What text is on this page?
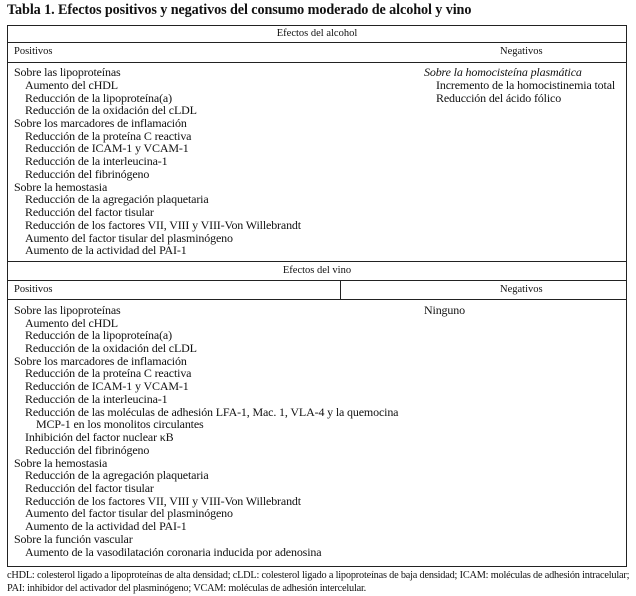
Tabla 1. Efectos positivos y negativos del consumo moderado de alcohol y vino
Efectos del alcohol
Positivos	Negativos
Sobre las lipoproteínas
Aumento del cHDL
Reducción de la lipoproteína(a)
Reducción de la oxidación del cLDL
Sobre los marcadores de inflamación
Reducción de la proteína C reactiva
Reducción de ICAM-1 y VCAM-1
Reducción de la interleucina-1
Reducción del fibrinógeno
Sobre la hemostasia
Reducción de la agregación plaquetaria
Reducción del factor tisular
Reducción de los factores VII, VIII y VIII-Von Willebrandt
Aumento del factor tisular del plasminógeno
Aumento de la actividad del PAI-1
Sobre la homocisteína plasmática
Incremento de la homocistinemia total
Reducción del ácido fólico
Efectos del vino
Positivos	Negativos
Sobre las lipoproteínas
Aumento del cHDL
Reducción de la lipoproteína(a)
Reducción de la oxidación del cLDL
Sobre los marcadores de inflamación
Reducción de la proteína C reactiva
Reducción de ICAM-1 y VCAM-1
Reducción de la interleucina-1
Reducción de las moléculas de adhesión LFA-1, Mac. 1, VLA-4 y la quemocina
MCP-1 en los monolitos circulantes
Inhibición del factor nuclear κB
Reducción del fibrinógeno
Sobre la hemostasia
Reducción de la agregación plaquetaria
Reducción del factor tisular
Reducción de los factores VII, VIII y VIII-Von Willebrandt
Aumento del factor tisular del plasminógeno
Aumento de la actividad del PAI-1
Sobre la función vascular
Aumento de la vasodilatación coronaria inducida por adenosina
Ninguno
cHDL: colesterol ligado a lipoproteínas de alta densidad; cLDL: colesterol ligado a lipoproteínas de baja densidad; ICAM: moléculas de adhesión intracelular; PAI: inhibidor del activador del plasminógeno; VCAM: moléculas de adhesión intercelular.
